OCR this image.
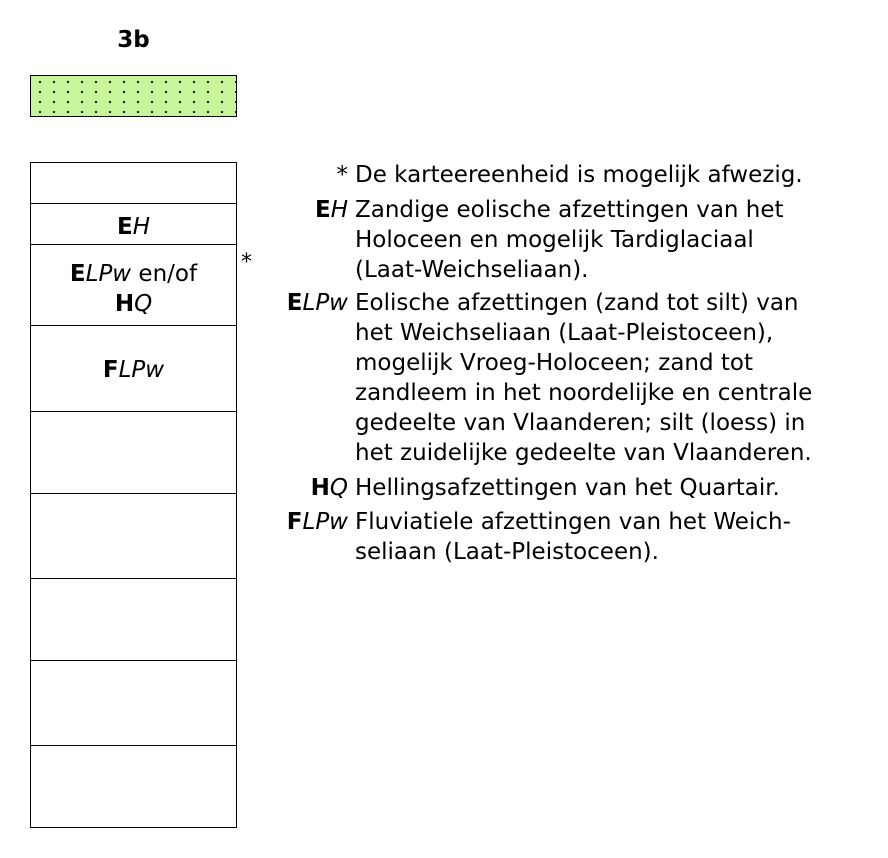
3b
EH
ELPw en/of
HQ
FLPw
*
* De karteereenheid is mogelijk afwezig.
EH Zandige eolische afzettingen van het
Holoceen en mogelijk Tardiglaciaal
(Laat-Weichseliaan).
ELPw Eolische afzettingen (zand tot silt) van
het Weichseliaan (Laat-Pleistoceen),
mogelijk Vroeg-Holoceen; zand tot
zandleem in het noordelijke en centrale
gedeelte van Vlaanderen; silt (loess) in
het zuidelijke gedeelte van Vlaanderen.
HQ Hellingsafzettingen van het Quartair.
FLPw Fluviatiele afzettingen van het Weich-
seliaan (Laat-Pleistoceen).
